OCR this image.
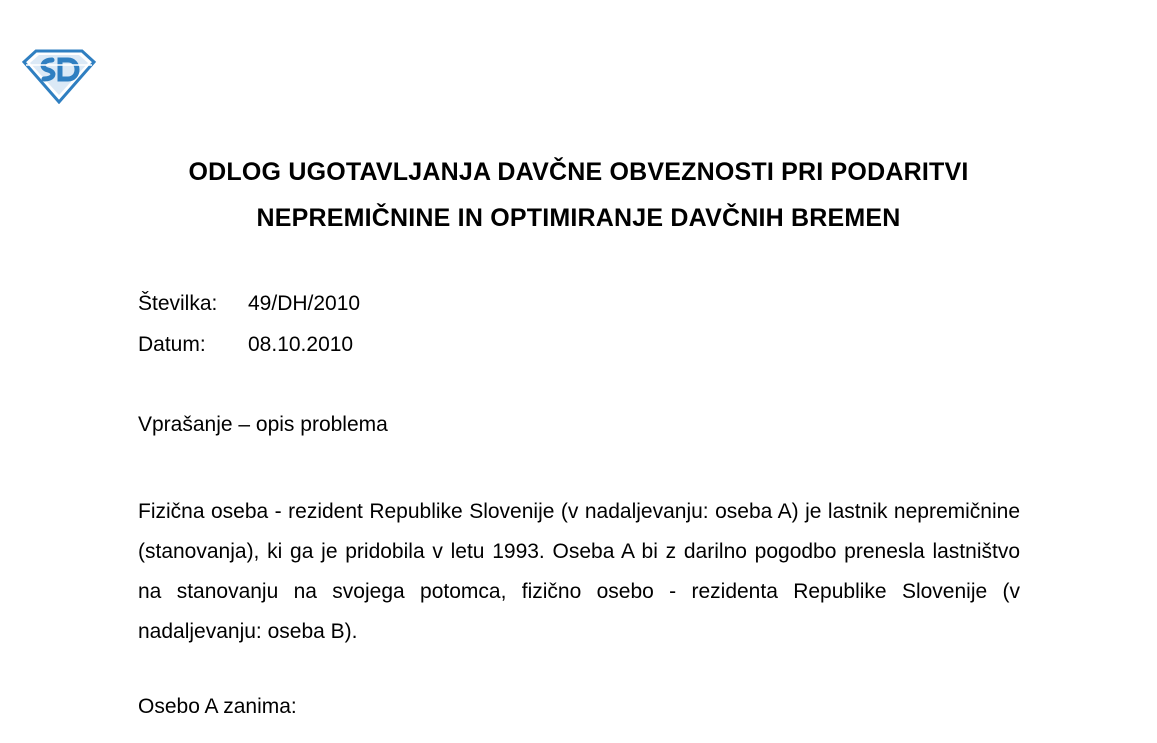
ODLOG UGOTAVLJANJA DAVČNE OBVEZNOSTI PRI PODARITVI
NEPREMIČNINE IN OPTIMIRANJE DAVČNIH BREMEN
Številka: 49/DH/2010
Datum: 08.10.2010
Vprašanje – opis problema
Fizična oseba - rezident Republike Slovenije (v nadaljevanju: oseba A) je lastnik nepremičnine (stanovanja), ki ga je pridobila v letu 1993. Oseba A bi z darilno pogodbo prenesla lastništvo na stanovanju na svojega potomca, fizično osebo - rezidenta Republike Slovenije (v nadaljevanju: oseba B).
Osebo A zanima:
